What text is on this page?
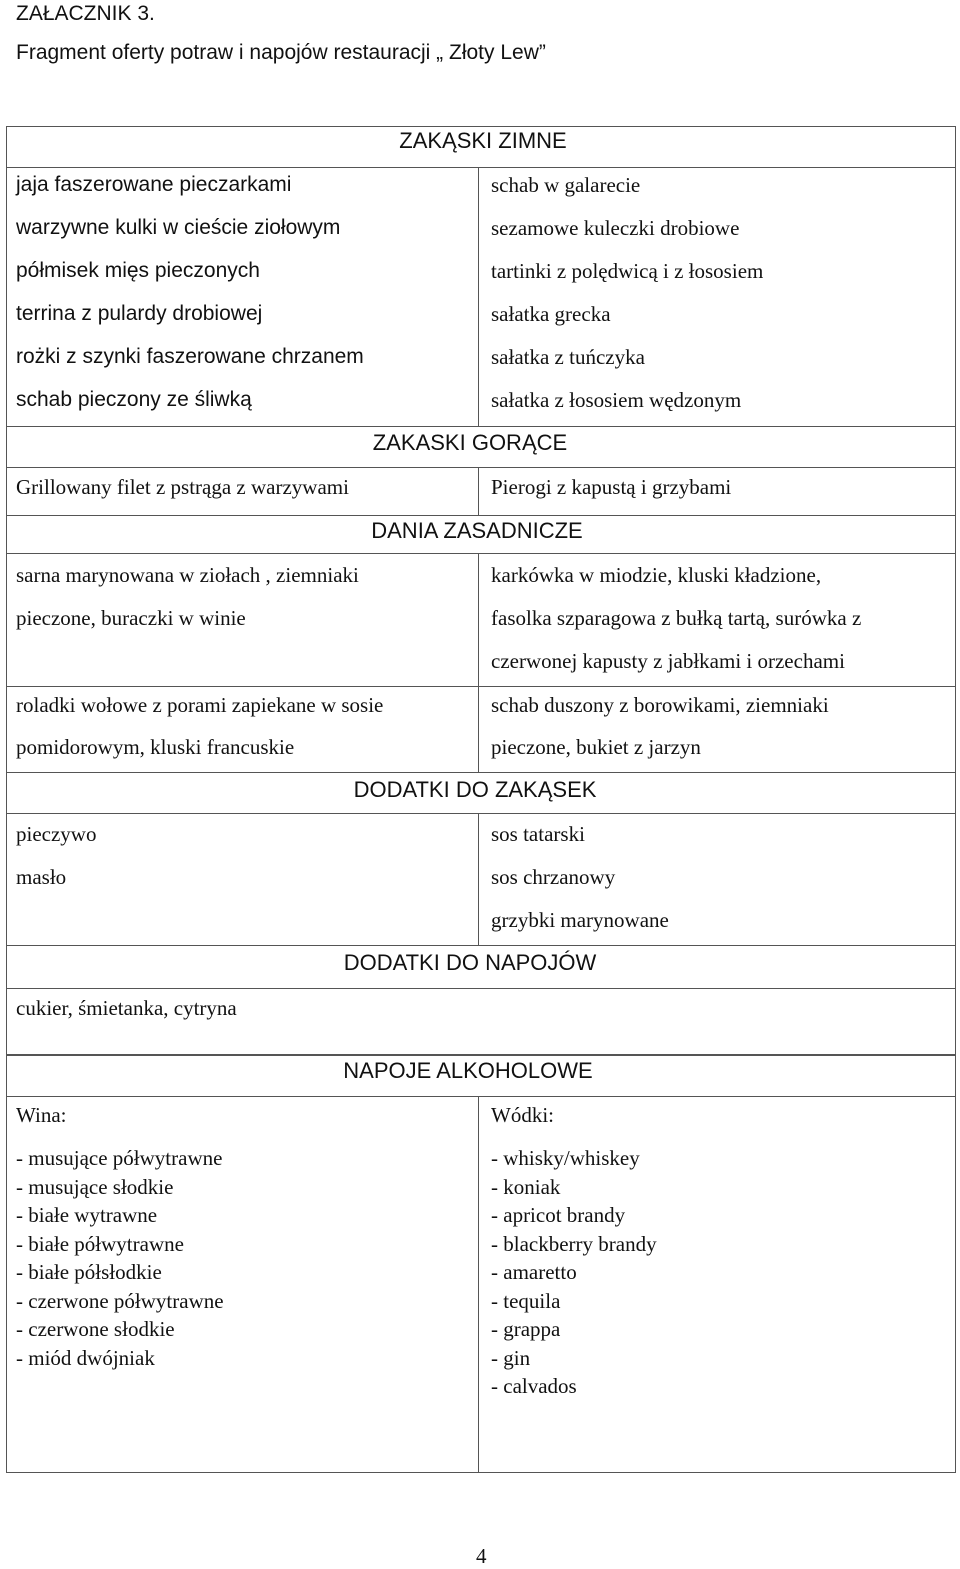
ZAŁACZNIK 3.
Fragment oferty potraw i napojów restauracji „ Złoty Lew”
ZAKĄSKI ZIMNE
jaja faszerowane pieczarkami
warzywne kulki w cieście ziołowym
półmisek mięs pieczonych
terrina z pulardy drobiowej
rożki z szynki faszerowane chrzanem
schab pieczony ze śliwką
schab w galarecie
sezamowe kuleczki drobiowe
tartinki z polędwicą i z łososiem
sałatka grecka
sałatka z tuńczyka
sałatka z łososiem wędzonym
ZAKASKI GORĄCE
Grillowany filet z pstrąga z warzywami	Pierogi z kapustą i grzybami
DANIA ZASADNICZE
sarna marynowana w ziołach , ziemniaki
pieczone, buraczki w winie
karkówka w miodzie, kluski kładzione,
fasolka szparagowa z bułką tartą, surówka z
czerwonej kapusty z jabłkami i orzechami
roladki wołowe z porami zapiekane w sosie
pomidorowym, kluski francuskie
schab duszony z borowikami, ziemniaki
pieczone, bukiet z jarzyn
DODATKI DO ZAKĄSEK
pieczywo
masło
sos tatarski
sos chrzanowy
grzybki marynowane
DODATKI DO NAPOJÓW
cukier, śmietanka, cytryna
NAPOJE ALKOHOLOWE
Wina:
- musujące półwytrawne
- musujące słodkie
- białe wytrawne
- białe półwytrawne
- białe półsłodkie
- czerwone półwytrawne
- czerwone słodkie
- miód dwójniak
Wódki:
- whisky/whiskey
- koniak
- apricot brandy
- blackberry brandy
- amaretto
- tequila
- grappa
- gin
- calvados
4
